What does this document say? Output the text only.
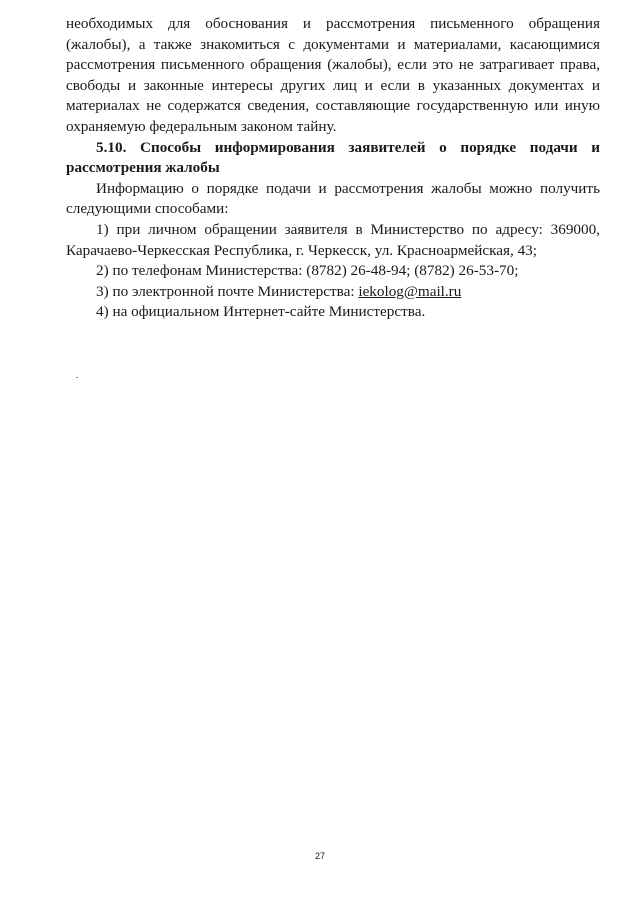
необходимых для обоснования и рассмотрения письменного обращения (жалобы), а также знакомиться с документами и материалами, касающимися рассмотрения письменного обращения (жалобы), если это не затрагивает права, свободы и законные интересы других лиц и если в указанных документах и материалах не содержатся сведения, составляющие государственную или иную охраняемую федеральным законом тайну.

5.10. Способы информирования заявителей о порядке подачи и рассмотрения жалобы

Информацию о порядке подачи и рассмотрения жалобы можно получить следующими способами:

1) при личном обращении заявителя в Министерство по адресу: 369000, Карачаево-Черкесская Республика, г. Черкесск, ул. Красноармейская, 43;

2) по телефонам Министерства: (8782) 26-48-94; (8782) 26-53-70;

3) по электронной почте Министерства: iekolog@mail.ru

4) на официальном Интернет-сайте Министерства.

27
